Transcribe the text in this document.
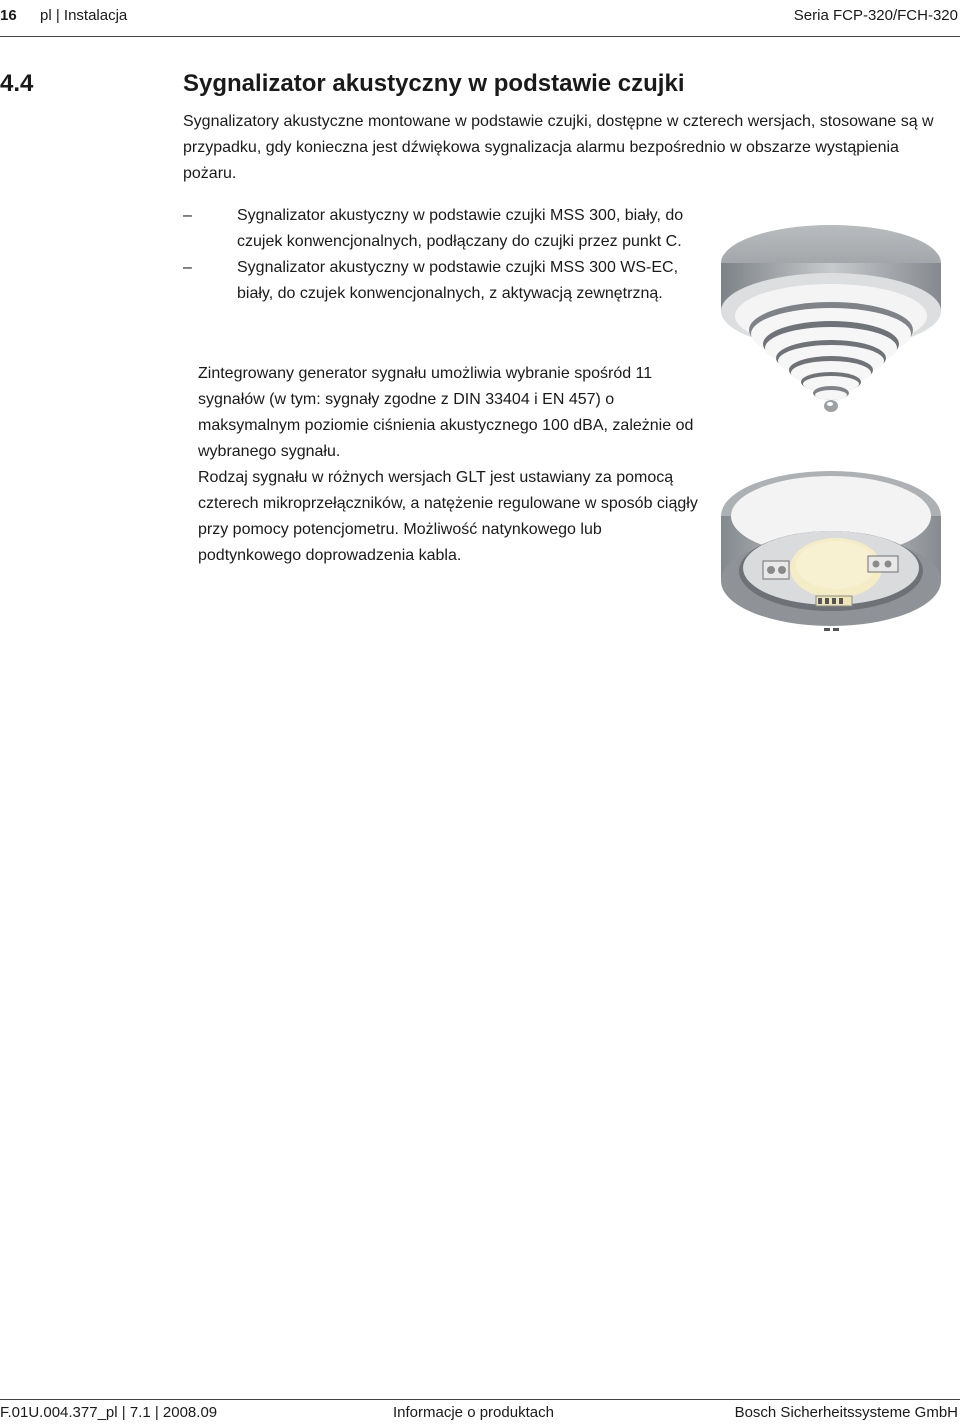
16 pl | Instalacja	Seria FCP-320/FCH-320
4.4	Sygnalizator akustyczny w podstawie czujki
Sygnalizatory akustyczne montowane w podstawie czujki, dostępne w czterech wersjach, stosowane są w przypadku, gdy konieczna jest dźwiękowa sygnalizacja alarmu bezpośrednio w obszarze wystąpienia pożaru.
–	Sygnalizator akustyczny w podstawie czujki MSS 300, biały, do czujek konwencjonalnych, podłączany do czujki przez punkt C.
–	Sygnalizator akustyczny w podstawie czujki MSS 300 WS-EC, biały, do czujek konwencjonalnych, z aktywacją zewnętrzną.
Zintegrowany generator sygnału umożliwia wybranie spośród 11 sygnałów (w tym: sygnały zgodne z DIN 33404 i EN 457) o maksymalnym poziomie ciśnienia akustycznego 100 dBA, zależnie od wybranego sygnału.
Rodzaj sygnału w różnych wersjach GLT jest ustawiany za pomocą czterech mikroprzełączników, a natężenie regulowane w sposób ciągły przy pomocy potencjometru. Możliwość natynkowego lub podtynkowego doprowadzenia kabla.
F.01U.004.377_pl | 7.1 | 2008.09	Informacje o produktach	Bosch Sicherheitssysteme GmbH
